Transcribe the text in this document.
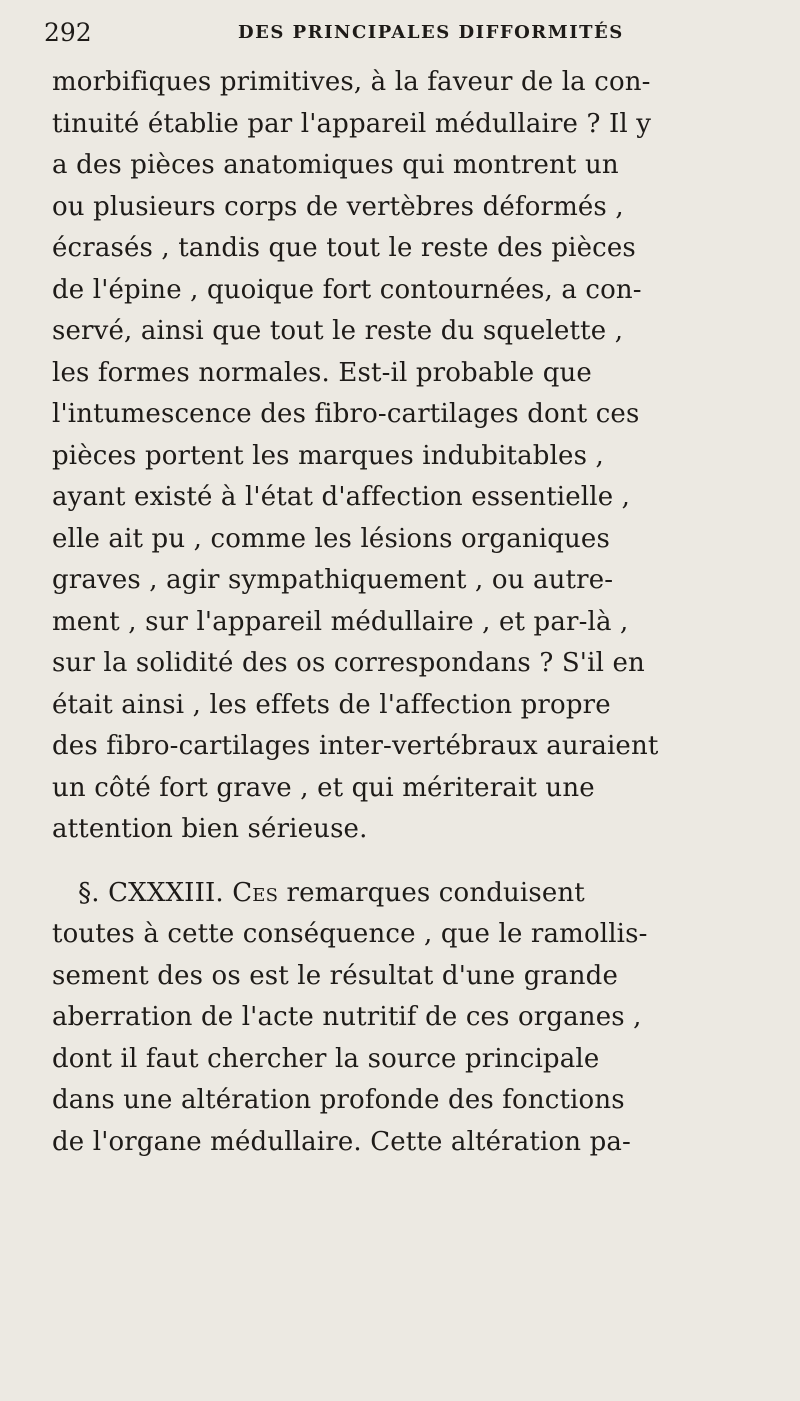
292	DES PRINCIPALES DIFFORMITÉS
morbifiques primitives, à la faveur de la con-
tinuité établie par l'appareil médullaire ? Il y
a des pièces anatomiques qui montrent un
ou plusieurs corps de vertèbres déformés ,
écrasés , tandis que tout le reste des pièces
de l'épine , quoique fort contournées, a con-
servé, ainsi que tout le reste du squelette ,
les formes normales. Est-il probable que
l'intumescence des fibro-cartilages dont ces
pièces portent les marques indubitables ,
ayant existé à l'état d'affection essentielle ,
elle ait pu , comme les lésions organiques
graves , agir sympathiquement , ou autre-
ment , sur l'appareil médullaire , et par-là ,
sur la solidité des os correspondans ? S'il en
était ainsi , les effets de l'affection propre
des fibro-cartilages inter-vertébraux auraient
un côté fort grave , et qui mériterait une
attention bien sérieuse.
 §. CXXXIII. Ces remarques conduisent
toutes à cette conséquence , que le ramollis-
sement des os est le résultat d'une grande
aberration de l'acte nutritif de ces organes ,
dont il faut chercher la source principale
dans une altération profonde des fonctions
de l'organe médullaire. Cette altération pa-
